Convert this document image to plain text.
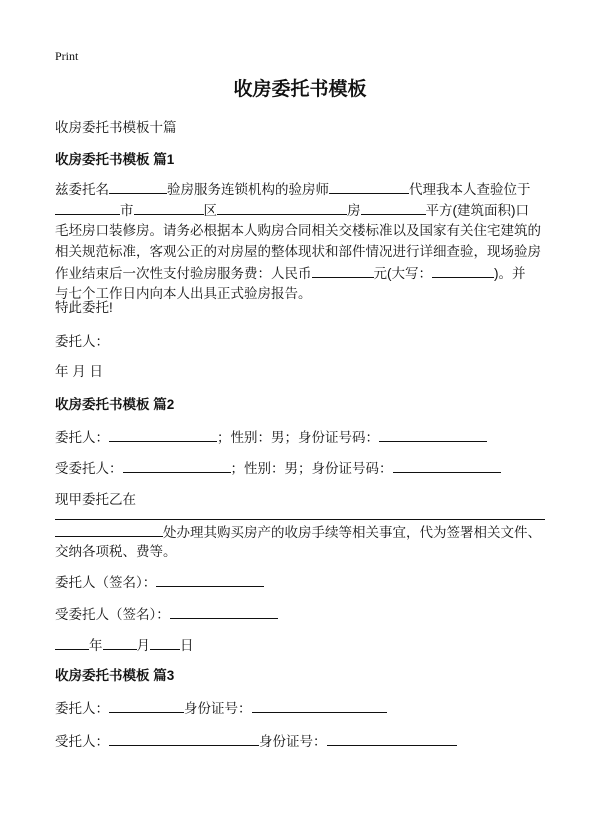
Print
收房委托书模板
收房委托书模板十篇
收房委托书模板 篇1
兹委托名	验房服务连锁机构的验房师	代理我本人查验位于
市	区	房	平方(建筑面积)口
毛坯房口装修房。请务必根据本人购房合同相关交楼标准以及国家有关住宅建筑的
相关规范标准，客观公正的对房屋的整体现状和部件情况进行详细查验，现场验房
作业结束后一次性支付验房服务费：人民币	元(大写：	)。并
与七个工作日内向本人出具正式验房报告。
特此委托!
委托人：
年 月 日
收房委托书模板 篇2
委托人：	；性别：男；身份证号码：
受委托人：	；性别：男；身份证号码：
现甲委托乙在
处办理其购买房产的收房手续等相关事宜，代为签署相关文件、
交纳各项税、费等。
委托人（签名）：
受委托人（签名）：
年	月 日
收房委托书模板 篇3
委托人：	身份证号：
受托人：	身份证号：
